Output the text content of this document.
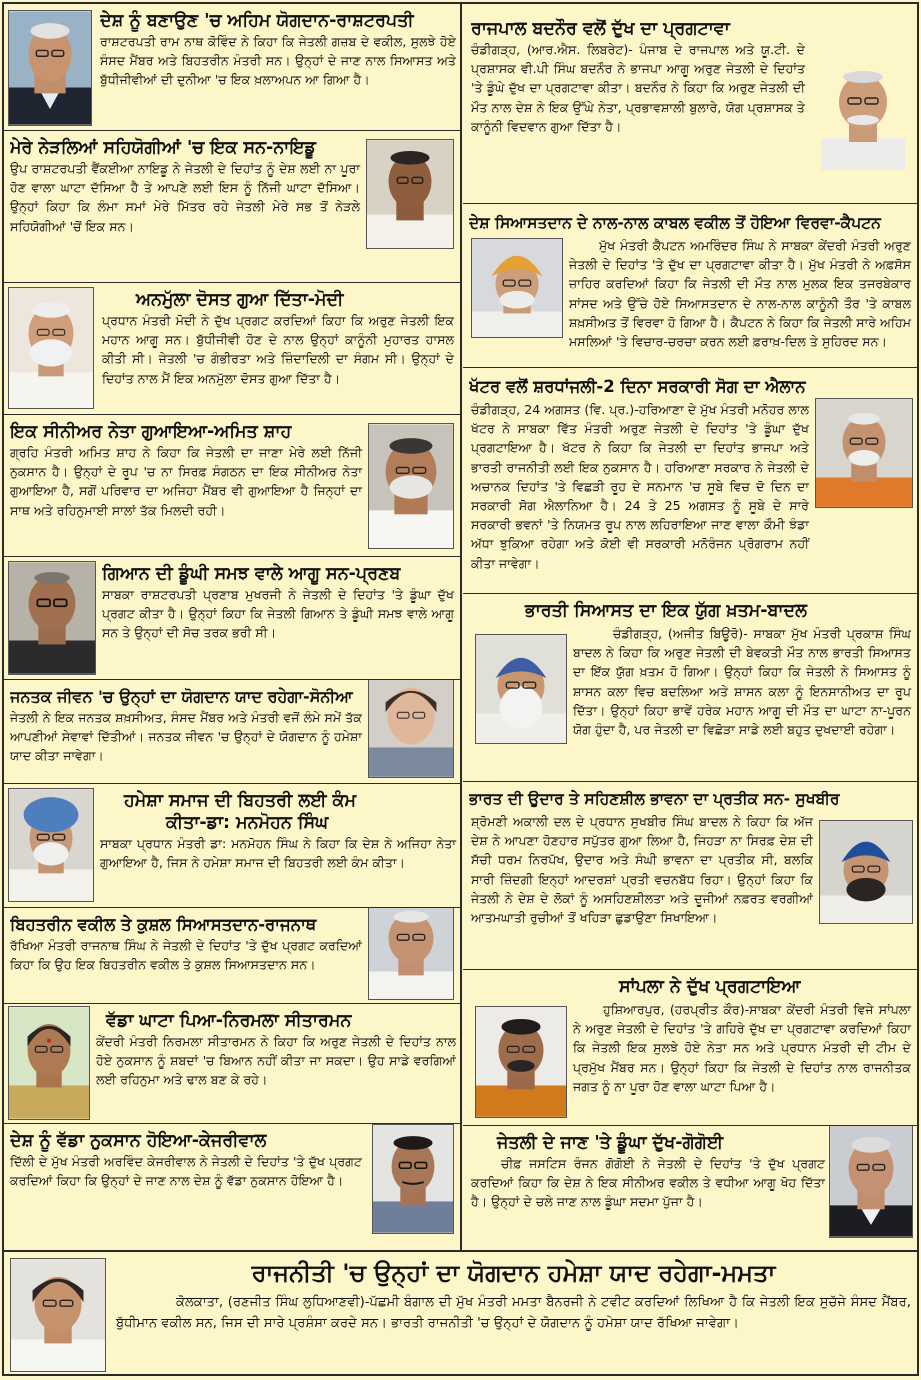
ਦੇਸ਼ ਨੂੰ ਬਣਾਉਣ 'ਚ ਅਹਿਮ ਯੋਗਦਾਨ-ਰਾਸ਼ਟਰਪਤੀ
ਰਾਸ਼ਟਰਪਤੀ ਰਾਮ ਨਾਥ ਕੋਵਿੰਦ ਨੇ ਕਿਹਾ ਕਿ ਜੇਤਲੀ ਗਜ਼ਬ ਦੇ ਵਕੀਲ, ਸੁਲਝੇ ਹੋਏ ਸੰਸਦ ਮੈਂਬਰ ਅਤੇ ਬਿਹਤਰੀਨ ਮੰਤਰੀ ਸਨ। ਉਨ੍ਹਾਂ ਦੇ ਜਾਣ ਨਾਲ ਸਿਆਸਤ ਅਤੇ ਬੁੱਧੀਜੀਵੀਆਂ ਦੀ ਦੁਨੀਆ 'ਚ ਇਕ ਖ਼ਲਾਅਪਨ ਆ ਗਿਆ ਹੈ।
ਮੇਰੇ ਨੇੜਲਿਆਂ ਸਹਿਯੋਗੀਆਂ 'ਚ ਇਕ ਸਨ-ਨਾਇਡੂ
ਉਪ ਰਾਸ਼ਟਰਪਤੀ ਵੈਂਕਈਆ ਨਾਇਡੂ ਨੇ ਜੇਤਲੀ ਦੇ ਦਿਹਾਂਤ ਨੂੰ ਦੇਸ਼ ਲਈ ਨਾ ਪੂਰਾ ਹੋਣ ਵਾਲਾ ਘਾਟਾ ਦੱਸਿਆ ਹੈ ਤੇ ਆਪਣੇ ਲਈ ਇਸ ਨੂੰ ਨਿੱਜੀ ਘਾਟਾ ਦੱਸਿਆ। ਉਨ੍ਹਾਂ ਕਿਹਾ ਕਿ ਲੰਮਾ ਸਮਾਂ ਮੇਰੇ ਮਿੱਤਰ ਰਹੇ ਜੇਤਲੀ ਮੇਰੇ ਸਭ ਤੋਂ ਨੇੜਲੇ ਸਹਿਯੋਗੀਆਂ 'ਚੋਂ ਇਕ ਸਨ।
ਅਨਮੁੱਲਾ ਦੋਸਤ ਗੁਆ ਦਿੱਤਾ-ਮੋਦੀ
ਪ੍ਰਧਾਨ ਮੰਤਰੀ ਮੋਦੀ ਨੇ ਦੁੱਖ ਪ੍ਰਗਟ ਕਰਦਿਆਂ ਕਿਹਾ ਕਿ ਅਰੁਣ ਜੇਤਲੀ ਇਕ ਮਹਾਨ ਆਗੂ ਸਨ। ਬੁੱਧੀਜੀਵੀ ਹੋਣ ਦੇ ਨਾਲ ਉਨ੍ਹਾਂ ਕਾਨੂੰਨੀ ਮੁਹਾਰਤ ਹਾਸਲ ਕੀਤੀ ਸੀ। ਜੇਤਲੀ 'ਚ ਗੰਭੀਰਤਾ ਅਤੇ ਜ਼ਿੰਦਾਦਿਲੀ ਦਾ ਸੰਗਮ ਸੀ। ਉਨ੍ਹਾਂ ਦੇ ਦਿਹਾਂਤ ਨਾਲ ਮੈਂ ਇਕ ਅਨਮੁੱਲਾ ਦੋਸਤ ਗੁਆ ਦਿੱਤਾ ਹੈ।
ਇਕ ਸੀਨੀਅਰ ਨੇਤਾ ਗੁਆਇਆ-ਅਮਿਤ ਸ਼ਾਹ
ਗ੍ਰਹਿ ਮੰਤਰੀ ਅਮਿਤ ਸ਼ਾਹ ਨੇ ਕਿਹਾ ਕਿ ਜੇਤਲੀ ਦਾ ਜਾਣਾ ਮੇਰੇ ਲਈ ਨਿੱਜੀ ਨੁਕਸਾਨ ਹੈ। ਉਨ੍ਹਾਂ ਦੇ ਰੂਪ 'ਚ ਨਾ ਸਿਰਫ਼ ਸੰਗਠਨ ਦਾ ਇਕ ਸੀਨੀਅਰ ਨੇਤਾ ਗੁਆਇਆ ਹੈ, ਸਗੋਂ ਪਰਿਵਾਰ ਦਾ ਅਜਿਹਾ ਮੈਂਬਰ ਵੀ ਗੁਆਇਆ ਹੈ ਜਿਨ੍ਹਾਂ ਦਾ ਸਾਥ ਅਤੇ ਰਹਿਨੁਮਾਈ ਸਾਲਾਂ ਤੱਕ ਮਿਲਦੀ ਰਹੀ।
ਗਿਆਨ ਦੀ ਡੂੰਘੀ ਸਮਝ ਵਾਲੇ ਆਗੂ ਸਨ-ਪ੍ਰਣਬ
ਸਾਬਕਾ ਰਾਸ਼ਟਰਪਤੀ ਪ੍ਰਣਾਬ ਮੁਖਰਜੀ ਨੇ ਜੇਤਲੀ ਦੇ ਦਿਹਾਂਤ 'ਤੇ ਡੂੰਘਾ ਦੁੱਖ ਪ੍ਰਗਟ ਕੀਤਾ ਹੈ। ਉਨ੍ਹਾਂ ਕਿਹਾ ਕਿ ਜੇਤਲੀ ਗਿਆਨ ਤੇ ਡੂੰਘੀ ਸਮਝ ਵਾਲੇ ਆਗੂ ਸਨ ਤੇ ਉਨ੍ਹਾਂ ਦੀ ਸੋਚ ਤਰਕ ਭਰੀ ਸੀ।
ਜਨਤਕ ਜੀਵਨ 'ਚ ਉਨ੍ਹਾਂ ਦਾ ਯੋਗਦਾਨ ਯਾਦ ਰਹੇਗਾ-ਸੋਨੀਆ
ਜੇਤਲੀ ਨੇ ਇਕ ਜਨਤਕ ਸ਼ਖ਼ਸੀਅਤ, ਸੰਸਦ ਮੈਂਬਰ ਅਤੇ ਮੰਤਰੀ ਵਜੋਂ ਲੰਮੇ ਸਮੇਂ ਤੱਕ ਆਪਣੀਆਂ ਸੇਵਾਵਾਂ ਦਿੱਤੀਆਂ। ਜਨਤਕ ਜੀਵਨ 'ਚ ਉਨ੍ਹਾਂ ਦੇ ਯੋਗਦਾਨ ਨੂੰ ਹਮੇਸ਼ਾ ਯਾਦ ਕੀਤਾ ਜਾਵੇਗਾ।
ਹਮੇਸ਼ਾ ਸਮਾਜ ਦੀ ਬਿਹਤਰੀ ਲਈ ਕੰਮ
ਕੀਤਾ-ਡਾ: ਮਨਮੋਹਨ ਸਿੰਘ
ਸਾਬਕਾ ਪ੍ਰਧਾਨ ਮੰਤਰੀ ਡਾ: ਮਨਮੋਹਨ ਸਿੰਘ ਨੇ ਕਿਹਾ ਕਿ ਦੇਸ਼ ਨੇ ਅਜਿਹਾ ਨੇਤਾ ਗੁਆਇਆ ਹੈ, ਜਿਸ ਨੇ ਹਮੇਸ਼ਾ ਸਮਾਜ ਦੀ ਬਿਹਤਰੀ ਲਈ ਕੰਮ ਕੀਤਾ।
ਬਿਹਤਰੀਨ ਵਕੀਲ ਤੇ ਕੁਸ਼ਲ ਸਿਆਸਤਦਾਨ-ਰਾਜਨਾਥ
ਰੱਖਿਆ ਮੰਤਰੀ ਰਾਜਨਾਥ ਸਿੰਘ ਨੇ ਜੇਤਲੀ ਦੇ ਦਿਹਾਂਤ 'ਤੇ ਦੁੱਖ ਪ੍ਰਗਟ ਕਰਦਿਆਂ ਕਿਹਾ ਕਿ ਉਹ ਇਕ ਬਿਹਤਰੀਨ ਵਕੀਲ ਤੇ ਕੁਸ਼ਲ ਸਿਆਸਤਦਾਨ ਸਨ।
ਵੱਡਾ ਘਾਟਾ ਪਿਆ-ਨਿਰਮਲਾ ਸੀਤਾਰਮਨ
ਕੇਂਦਰੀ ਮੰਤਰੀ ਨਿਰਮਲਾ ਸੀਤਾਰਮਨ ਨੇ ਕਿਹਾ ਕਿ ਅਰੁਣ ਜੇਤਲੀ ਦੇ ਦਿਹਾਂਤ ਨਾਲ ਹੋਏ ਨੁਕਸਾਨ ਨੂੰ ਸ਼ਬਦਾਂ 'ਚ ਬਿਆਨ ਨਹੀਂ ਕੀਤਾ ਜਾ ਸਕਦਾ। ਉਹ ਸਾਡੇ ਵਰਗਿਆਂ ਲਈ ਰਹਿਨੁਮਾ ਅਤੇ ਢਾਲ ਬਣ ਕੇ ਰਹੇ।
ਦੇਸ਼ ਨੂੰ ਵੱਡਾ ਨੁਕਸਾਨ ਹੋਇਆ-ਕੇਜਰੀਵਾਲ
ਦਿੱਲੀ ਦੇ ਮੁੱਖ ਮੰਤਰੀ ਅਰਵਿੰਦ ਕੇਜਰੀਵਾਲ ਨੇ ਜੇਤਲੀ ਦੇ ਦਿਹਾਂਤ 'ਤੇ ਦੁੱਖ ਪ੍ਰਗਟ ਕਰਦਿਆਂ ਕਿਹਾ ਕਿ ਉਨ੍ਹਾਂ ਦੇ ਜਾਣ ਨਾਲ ਦੇਸ਼ ਨੂੰ ਵੱਡਾ ਨੁਕਸਾਨ ਹੋਇਆ ਹੈ।
ਰਾਜਪਾਲ ਬਦਨੌਰ ਵਲੋਂ ਦੁੱਖ ਦਾ ਪ੍ਰਗਟਾਵਾ
ਚੰਡੀਗੜ੍ਹ, (ਆਰ.ਐਸ. ਲਿਬਰੇਟ)- ਪੰਜਾਬ ਦੇ ਰਾਜਪਾਲ ਅਤੇ ਯੂ.ਟੀ. ਦੇ ਪ੍ਰਸ਼ਾਸਕ ਵੀ.ਪੀ ਸਿੰਘ ਬਦਨੌਰ ਨੇ ਭਾਜਪਾ ਆਗੂ ਅਰੁਣ ਜੇਤਲੀ ਦੇ ਦਿਹਾਂਤ 'ਤੇ ਡੂੰਘੇ ਦੁੱਖ ਦਾ ਪ੍ਰਗਟਾਵਾ ਕੀਤਾ। ਬਦਨੌਰ ਨੇ ਕਿਹਾ ਕਿ ਅਰੁਣ ਜੇਤਲੀ ਦੀ ਮੌਤ ਨਾਲ ਦੇਸ਼ ਨੇ ਇਕ ਉੱਘੇ ਨੇਤਾ, ਪ੍ਰਭਾਵਸ਼ਾਲੀ ਬੁਲਾਰੇ, ਯੋਗ ਪ੍ਰਸ਼ਾਸਕ ਤੇ ਕਾਨੂੰਨੀ ਵਿਦਵਾਨ ਗੁਆ ਦਿੱਤਾ ਹੈ।
ਦੇਸ਼ ਸਿਆਸਤਦਾਨ ਦੇ ਨਾਲ-ਨਾਲ ਕਾਬਲ ਵਕੀਲ ਤੋਂ ਹੋਇਆ ਵਿਰਵਾ-ਕੈਪਟਨ
ਮੁੱਖ ਮੰਤਰੀ ਕੈਪਟਨ ਅਮਰਿੰਦਰ ਸਿੰਘ ਨੇ ਸਾਬਕਾ ਕੇਂਦਰੀ ਮੰਤਰੀ ਅਰੁਣ ਜੇਤਲੀ ਦੇ ਦਿਹਾਂਤ 'ਤੇ ਦੁੱਖ ਦਾ ਪ੍ਰਗਟਾਵਾ ਕੀਤਾ ਹੈ। ਮੁੱਖ ਮੰਤਰੀ ਨੇ ਅਫ਼ਸੋਸ ਜ਼ਾਹਿਰ ਕਰਦਿਆਂ ਕਿਹਾ ਕਿ ਜੇਤਲੀ ਦੀ ਮੌਤ ਨਾਲ ਮੁਲਕ ਇਕ ਤਜਰਬੇਕਾਰ ਸਾਂਸਦ ਅਤੇ ਉੱਚੇ ਹੋਏ ਸਿਆਸਤਦਾਨ ਦੇ ਨਾਲ-ਨਾਲ ਕਾਨੂੰਨੀ ਤੌਰ 'ਤੇ ਕਾਬਲ ਸ਼ਖ਼ਸੀਅਤ ਤੋਂ ਵਿਰਵਾ ਹੋ ਗਿਆ ਹੈ। ਕੈਪਟਨ ਨੇ ਕਿਹਾ ਕਿ ਜੇਤਲੀ ਸਾਰੇ ਅਹਿਮ ਮਸਲਿਆਂ 'ਤੇ ਵਿਚਾਰ-ਚਰਚਾ ਕਰਨ ਲਈ ਫ਼ਰਾਖ਼-ਦਿਲ ਤੇ ਸੁਹਿਰਦ ਸਨ।
ਖੱਟਰ ਵਲੋਂ ਸ਼ਰਧਾਂਜਲੀ-2 ਦਿਨਾ ਸਰਕਾਰੀ ਸੋਗ ਦਾ ਐਲਾਨ
ਚੰਡੀਗੜ੍ਹ, 24 ਅਗਸਤ (ਵਿ. ਪ੍ਰ.)-ਹਰਿਆਣਾ ਦੇ ਮੁੱਖ ਮੰਤਰੀ ਮਨੋਹਰ ਲਾਲ ਖੱਟਰ ਨੇ ਸਾਬਕਾ ਵਿੱਤ ਮੰਤਰੀ ਅਰੁਣ ਜੇਤਲੀ ਦੇ ਦਿਹਾਂਤ 'ਤੇ ਡੂੰਘਾ ਦੁੱਖ ਪ੍ਰਗਟਾਇਆ ਹੈ। ਖੱਟਰ ਨੇ ਕਿਹਾ ਕਿ ਜੇਤਲੀ ਦਾ ਦਿਹਾਂਤ ਭਾਜਪਾ ਅਤੇ ਭਾਰਤੀ ਰਾਜਨੀਤੀ ਲਈ ਇਕ ਨੁਕਸਾਨ ਹੈ। ਹਰਿਆਣਾ ਸਰਕਾਰ ਨੇ ਜੇਤਲੀ ਦੇ ਅਚਾਨਕ ਦਿਹਾਂਤ 'ਤੇ ਵਿਛੜੀ ਰੂਹ ਦੇ ਸਨਮਾਨ 'ਚ ਸੂਬੇ ਵਿਚ ਦੋ ਦਿਨ ਦਾ ਸਰਕਾਰੀ ਸੋਗ ਐਲਾਨਿਆ ਹੈ। 24 ਤੇ 25 ਅਗਸਤ ਨੂੰ ਸੂਬੇ ਦੇ ਸਾਰੇ ਸਰਕਾਰੀ ਭਵਨਾਂ 'ਤੇ ਨਿਯਮਤ ਰੂਪ ਨਾਲ ਲਹਿਰਾਇਆ ਜਾਣ ਵਾਲਾ ਕੌਮੀ ਝੰਡਾ ਅੱਧਾ ਝੁਕਿਆ ਰਹੇਗਾ ਅਤੇ ਕੋਈ ਵੀ ਸਰਕਾਰੀ ਮਨੋਰੰਜਨ ਪ੍ਰੋਗਰਾਮ ਨਹੀਂ ਕੀਤਾ ਜਾਵੇਗਾ।
ਭਾਰਤੀ ਸਿਆਸਤ ਦਾ ਇਕ ਯੁੱਗ ਖ਼ਤਮ-ਬਾਦਲ
ਚੰਡੀਗੜ੍ਹ, (ਅਜੀਤ ਬਿਊਰੋ)- ਸਾਬਕਾ ਮੁੱਖ ਮੰਤਰੀ ਪ੍ਰਕਾਸ਼ ਸਿੰਘ ਬਾਦਲ ਨੇ ਕਿਹਾ ਕਿ ਅਰੁਣ ਜੇਤਲੀ ਦੀ ਬੇਵਕਤੀ ਮੌਤ ਨਾਲ ਭਾਰਤੀ ਸਿਆਸਤ ਦਾ ਇੱਕ ਯੁੱਗ ਖ਼ਤਮ ਹੋ ਗਿਆ। ਉਨ੍ਹਾਂ ਕਿਹਾ ਕਿ ਜੇਤਲੀ ਨੇ ਸਿਆਸਤ ਨੂੰ ਸ਼ਾਸਨ ਕਲਾ ਵਿਚ ਬਦਲਿਆ ਅਤੇ ਸ਼ਾਸਨ ਕਲਾ ਨੂੰ ਇਨਸਾਨੀਅਤ ਦਾ ਰੂਪ ਦਿੱਤਾ। ਉਨ੍ਹਾਂ ਕਿਹਾ ਭਾਵੇਂ ਹਰੇਕ ਮਹਾਨ ਆਗੂ ਦੀ ਮੌਤ ਦਾ ਘਾਟਾ ਨਾ-ਪੂਰਨ ਯੋਗ ਹੁੰਦਾ ਹੈ, ਪਰ ਜੇਤਲੀ ਦਾ ਵਿਛੋੜਾ ਸਾਡੇ ਲਈ ਬਹੁਤ ਦੁਖਦਾਈ ਰਹੇਗਾ।
ਭਾਰਤ ਦੀ ਉਦਾਰ ਤੇ ਸਹਿਣਸ਼ੀਲ ਭਾਵਨਾ ਦਾ ਪ੍ਰਤੀਕ ਸਨ- ਸੁਖਬੀਰ
ਸ਼੍ਰੋਮਣੀ ਅਕਾਲੀ ਦਲ ਦੇ ਪ੍ਰਧਾਨ ਸੁਖਬੀਰ ਸਿੰਘ ਬਾਦਲ ਨੇ ਕਿਹਾ ਕਿ ਅੱਜ ਦੇਸ਼ ਨੇ ਆਪਣਾ ਹੋਣਹਾਰ ਸਪੁੱਤਰ ਗੁਆ ਲਿਆ ਹੈ, ਜਿਹੜਾ ਨਾ ਸਿਰਫ਼ ਦੇਸ਼ ਦੀ ਸੱਚੀ ਧਰਮ ਨਿਰਪੱਖ, ਉਦਾਰ ਅਤੇ ਸੰਘੀ ਭਾਵਨਾ ਦਾ ਪ੍ਰਤੀਕ ਸੀ, ਬਲਕਿ ਸਾਰੀ ਜ਼ਿੰਦਗੀ ਇਨ੍ਹਾਂ ਆਦਰਸ਼ਾਂ ਪ੍ਰਤੀ ਵਚਨਬੱਧ ਰਿਹਾ। ਉਨ੍ਹਾਂ ਕਿਹਾ ਕਿ ਜੇਤਲੀ ਨੇ ਦੇਸ਼ ਦੇ ਲੋਕਾਂ ਨੂੰ ਅਸਹਿਣਸ਼ੀਲਤਾ ਅਤੇ ਦੂਜੀਆਂ ਨਫ਼ਰਤ ਵਰਗੀਆਂ ਆਤਮਘਾਤੀ ਰੁਚੀਆਂ ਤੋਂ ਖਹਿੜਾ ਛੁਡਾਉਣਾ ਸਿਖਾਇਆ।
ਸਾਂਪਲਾ ਨੇ ਦੁੱਖ ਪ੍ਰਗਟਾਇਆ
ਹੁਸ਼ਿਆਰਪੁਰ, (ਹਰਪ੍ਰੀਤ ਕੌਰ)-ਸਾਬਕਾ ਕੇਂਦਰੀ ਮੰਤਰੀ ਵਿਜੇ ਸਾਂਪਲਾ ਨੇ ਅਰੁਣ ਜੇਤਲੀ ਦੇ ਦਿਹਾਂਤ 'ਤੇ ਗਹਿਰੇ ਦੁੱਖ ਦਾ ਪ੍ਰਗਟਾਵਾ ਕਰਦਿਆਂ ਕਿਹਾ ਕਿ ਜੇਤਲੀ ਇਕ ਸੁਲਝੇ ਹੋਏ ਨੇਤਾ ਸਨ ਅਤੇ ਪ੍ਰਧਾਨ ਮੰਤਰੀ ਦੀ ਟੀਮ ਦੇ ਪ੍ਰਮੁੱਖ ਮੈਂਬਰ ਸਨ। ਉਨ੍ਹਾਂ ਕਿਹਾ ਕਿ ਜੇਤਲੀ ਦੇ ਦਿਹਾਂਤ ਨਾਲ ਰਾਜਨੀਤਕ ਜਗਤ ਨੂੰ ਨਾ ਪੂਰਾ ਹੋਣ ਵਾਲਾ ਘਾਟਾ ਪਿਆ ਹੈ।
ਜੇਤਲੀ ਦੇ ਜਾਣ 'ਤੇ ਡੂੰਘਾ ਦੁੱਖ-ਗੋਗੋਈ
ਚੀਫ਼ ਜਸਟਿਸ ਰੰਜਨ ਗੋਗੋਈ ਨੇ ਜੇਤਲੀ ਦੇ ਦਿਹਾਂਤ 'ਤੇ ਦੁੱਖ ਪ੍ਰਗਟ ਕਰਦਿਆਂ ਕਿਹਾ ਕਿ ਦੇਸ਼ ਨੇ ਇਕ ਸੀਨੀਅਰ ਵਕੀਲ ਤੇ ਵਧੀਆ ਆਗੂ ਖੋਹ ਦਿੱਤਾ ਹੈ। ਉਨ੍ਹਾਂ ਦੇ ਚਲੇ ਜਾਣ ਨਾਲ ਡੂੰਘਾ ਸਦਮਾ ਪੁੱਜਾ ਹੈ।
ਰਾਜਨੀਤੀ 'ਚ ਉਨ੍ਹਾਂ ਦਾ ਯੋਗਦਾਨ ਹਮੇਸ਼ਾ ਯਾਦ ਰਹੇਗਾ-ਮਮਤਾ
ਕੋਲਕਾਤਾ, (ਰਣਜੀਤ ਸਿੰਘ ਲੁਧਿਆਣਵੀ)-ਪੱਛਮੀ ਬੰਗਾਲ ਦੀ ਮੁੱਖ ਮੰਤਰੀ ਮਮਤਾ ਬੈਨਰਜੀ ਨੇ ਟਵੀਟ ਕਰਦਿਆਂ ਲਿਖਿਆ ਹੈ ਕਿ ਜੇਤਲੀ ਇਕ ਸੁਚੱਜੇ ਸੰਸਦ ਮੈਂਬਰ, ਬੁੱਧੀਮਾਨ ਵਕੀਲ ਸਨ, ਜਿਸ ਦੀ ਸਾਰੇ ਪ੍ਰਸ਼ੰਸਾ ਕਰਦੇ ਸਨ। ਭਾਰਤੀ ਰਾਜਨੀਤੀ 'ਚ ਉਨ੍ਹਾਂ ਦੇ ਯੋਗਦਾਨ ਨੂੰ ਹਮੇਸ਼ਾ ਯਾਦ ਰੱਖਿਆ ਜਾਵੇਗਾ।
